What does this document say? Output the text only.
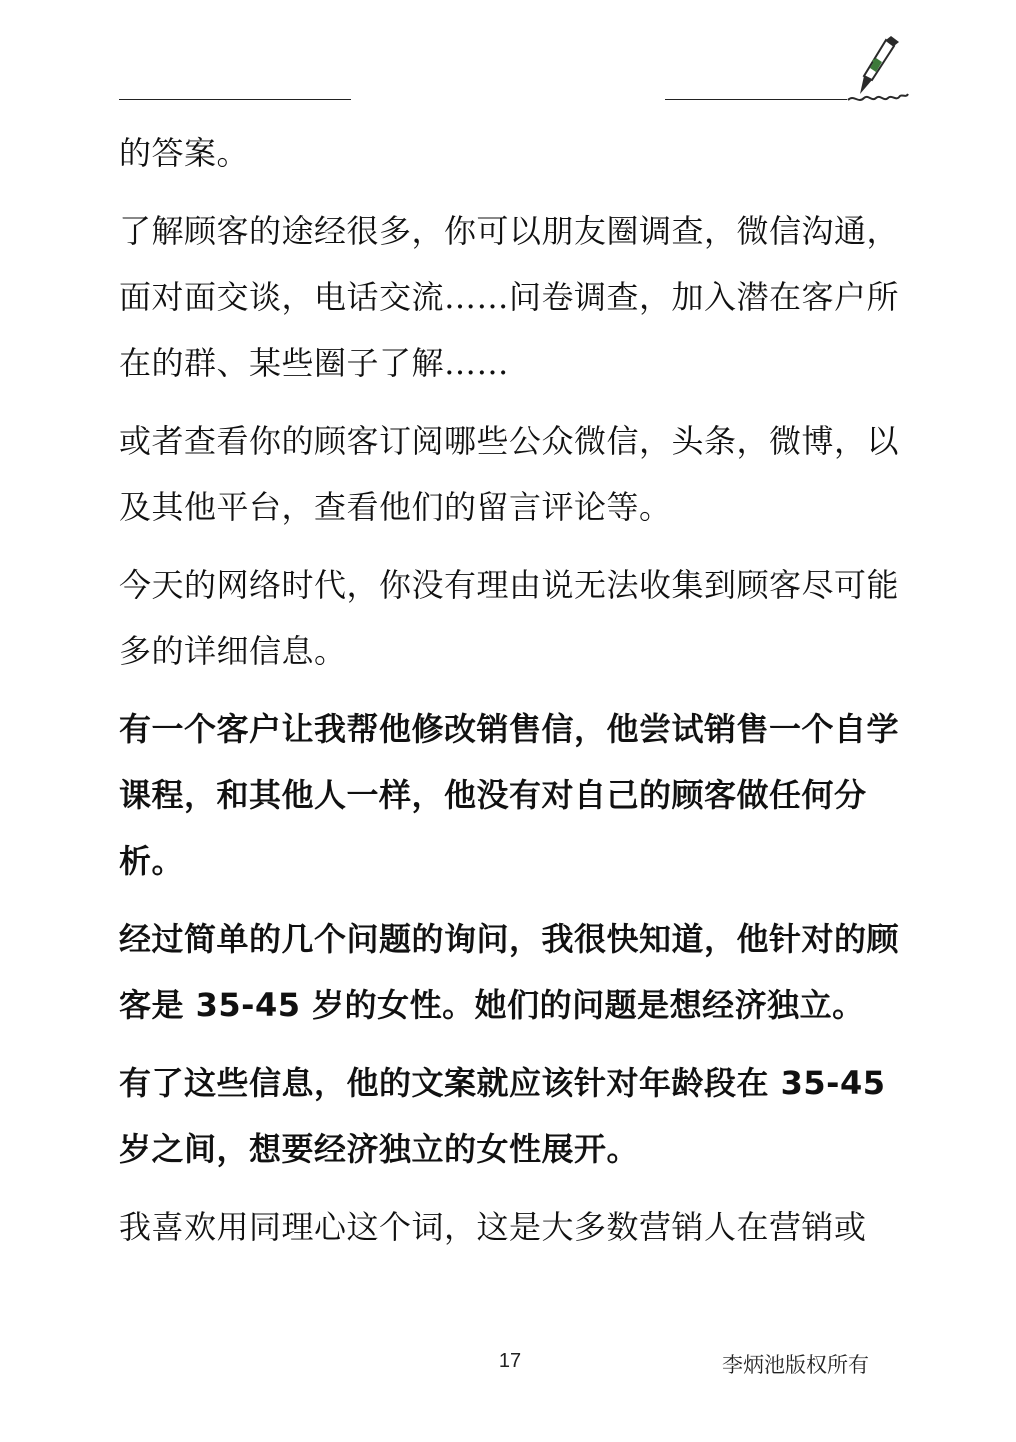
的答案。

了解顾客的途经很多，你可以朋友圈调查，微信沟通，面对面交谈，电话交流……问卷调查，加入潜在客户所在的群、某些圈子了解……

或者查看你的顾客订阅哪些公众微信，头条，微博，以及其他平台，查看他们的留言评论等。

今天的网络时代，你没有理由说无法收集到顾客尽可能多的详细信息。

有一个客户让我帮他修改销售信，他尝试销售一个自学课程，和其他人一样，他没有对自己的顾客做任何分析。

经过简单的几个问题的询问，我很快知道，他针对的顾客是 35-45 岁的女性。她们的问题是想经济独立。

有了这些信息，他的文案就应该针对年龄段在 35-45 岁之间，想要经济独立的女性展开。

我喜欢用同理心这个词，这是大多数营销人在营销或

17	李炳池版权所有
